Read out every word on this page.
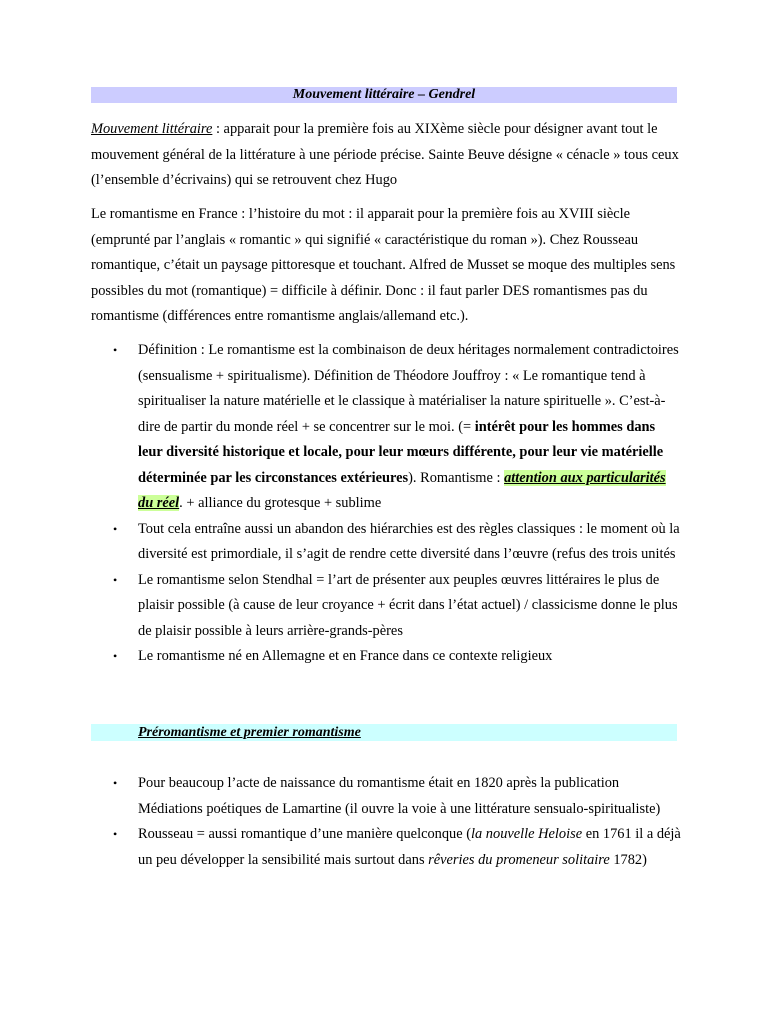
Mouvement littéraire – Gendrel

Mouvement littéraire : apparait pour la première fois au XIXème siècle pour désigner avant tout le mouvement général de la littérature à une période précise. Sainte Beuve désigne « cénacle » tous ceux (l’ensemble d’écrivains) qui se retrouvent chez Hugo

Le romantisme en France : l’histoire du mot : il apparait pour la première fois au XVIII siècle (emprunté par l’anglais « romantic » qui signifié « caractéristique du roman »). Chez Rousseau romantique, c’était un paysage pittoresque et touchant. Alfred de Musset se moque des multiples sens possibles du mot (romantique) = difficile à définir. Donc : il faut parler DES romantismes pas du romantisme (différences entre romantisme anglais/allemand etc.).

• Définition : Le romantisme est la combinaison de deux héritages normalement contradictoires (sensualisme + spiritualisme). Définition de Théodore Jouffroy : « Le romantique tend à spiritualiser la nature matérielle et le classique à matérialiser la nature spirituelle ». C’est-à-dire de partir du monde réel + se concentrer sur le moi. (= intérêt pour les hommes dans leur diversité historique et locale, pour leur mœurs différente, pour leur vie matérielle déterminée par les circonstances extérieures). Romantisme : attention aux particularités du réel. + alliance du grotesque + sublime
• Tout cela entraîne aussi un abandon des hiérarchies est des règles classiques : le moment où la diversité est primordiale, il s’agit de rendre cette diversité dans l’œuvre (refus des trois unités
• Le romantisme selon Stendhal = l’art de présenter aux peuples œuvres littéraires le plus de plaisir possible (à cause de leur croyance + écrit dans l’état actuel) / classicisme donne le plus de plaisir possible à leurs arrière-grands-pères
• Le romantisme né en Allemagne et en France dans ce contexte religieux
Préromantisme et premier romantisme
• Pour beaucoup l’acte de naissance du romantisme était en 1820 après la publication Médiations poétiques de Lamartine (il ouvre la voie à une littérature sensualo-spiritualiste)
• Rousseau = aussi romantique d’une manière quelconque (la nouvelle Heloise en 1761 il a déjà un peu développer la sensibilité mais surtout dans rêveries du promeneur solitaire 1782)
